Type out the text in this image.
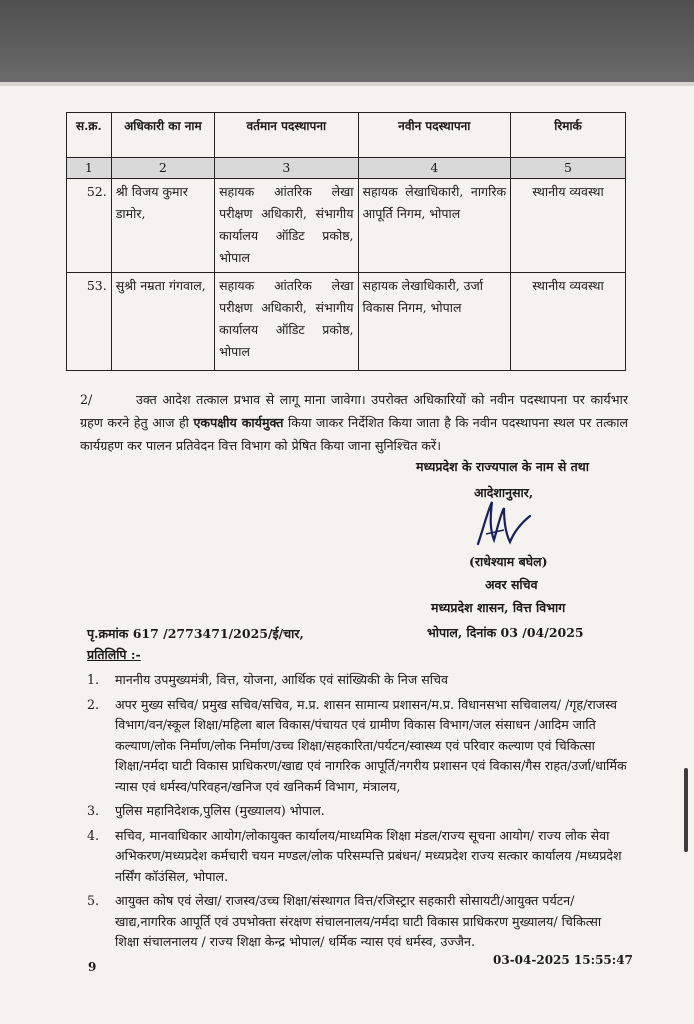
स.क्र.	अधिकारी का नाम	वर्तमान पदस्थापना	नवीन पदस्थापना	रिमार्क
1	2	3	4	5
52.	श्री विजय कुमार डामोर,	सहायक आंतरिक लेखा परीक्षण अधिकारी, संभागीय कार्यालय ऑडिट प्रकोष्ठ, भोपाल	सहायक लेखाधिकारी, नागरिक आपूर्ति निगम, भोपाल	स्थानीय व्यवस्था
53.	सुश्री नम्रता गंगवाल,	सहायक आंतरिक लेखा परीक्षण अधिकारी, संभागीय कार्यालय ऑडिट प्रकोष्ठ, भोपाल	सहायक लेखाधिकारी, उर्जा विकास निगम, भोपाल	स्थानीय व्यवस्था
2/	उक्त आदेश तत्काल प्रभाव से लागू माना जावेगा। उपरोक्त अधिकारियों को नवीन पदस्थापना पर कार्यभार ग्रहण करने हेतु आज ही एकपक्षीय कार्यमुक्त किया जाकर निर्देशित किया जाता है कि नवीन पदस्थापना स्थल पर तत्काल कार्यग्रहण कर पालन प्रतिवेदन वित्त विभाग को प्रेषित किया जाना सुनिश्चित करें।
मध्यप्रदेश के राज्यपाल के नाम से तथा
आदेशानुसार,
(राधेश्याम बघेल)
अवर सचिव
मध्यप्रदेश शासन, वित्त विभाग
भोपाल, दिनांक 03 /04/2025
पृ.क्रमांक 617 /2773471/2025/ई/चार,
प्रतिलिपि :-
1.	माननीय उपमुख्यमंत्री, वित्त, योजना, आर्थिक एवं सांख्यिकी के निज सचिव
2.	अपर मुख्य सचिव/ प्रमुख सचिव/सचिव, म.प्र. शासन सामान्य प्रशासन/म.प्र. विधानसभा सचिवालय/ /गृह/राजस्व विभाग/वन/स्कूल शिक्षा/महिला बाल विकास/पंचायत एवं ग्रामीण विकास विभाग/जल संसाधन /आदिम जाति कल्याण/लोक निर्माण/लोक निर्माण/उच्च शिक्षा/सहकारिता/पर्यटन/स्वास्थ्य एवं परिवार कल्याण एवं चिकित्सा शिक्षा/नर्मदा घाटी विकास प्राधिकरण/खाद्य एवं नागरिक आपूर्ति/नगरीय प्रशासन एवं विकास/गैस राहत/उर्जा/धार्मिक न्यास एवं धर्मस्व/परिवहन/खनिज एवं खनिकर्म विभाग, मंत्रालय,
3.	पुलिस महानिदेशक,पुलिस (मुख्यालय) भोपाल.
4.	सचिव, मानवाधिकार आयोग/लोकायुक्त कार्यालय/माध्यमिक शिक्षा मंडल/राज्य सूचना आयोग/ राज्य लोक सेवा अभिकरण/मध्यप्रदेश कर्मचारी चयन मण्डल/लोक परिसम्पत्ति प्रबंधन/ मध्यप्रदेश राज्य सत्कार कार्यालय /मध्यप्रदेश नर्सिंग कॉउंसिल, भोपाल.
5.	आयुक्त कोष एवं लेखा/ राजस्व/उच्च शिक्षा/संस्थागत वित्त/रजिस्ट्रार सहकारी सोसायटी/आयुक्त पर्यटन/ खाद्य,नागरिक आपूर्ति एवं उपभोक्ता संरक्षण संचालनालय/नर्मदा घाटी विकास प्राधिकरण मुख्यालय/ चिकित्सा शिक्षा संचालनालय / राज्य शिक्षा केन्द्र भोपाल/ धर्मिक न्यास एवं धर्मस्व, उज्जैन.
9	03-04-2025 15:55:47
